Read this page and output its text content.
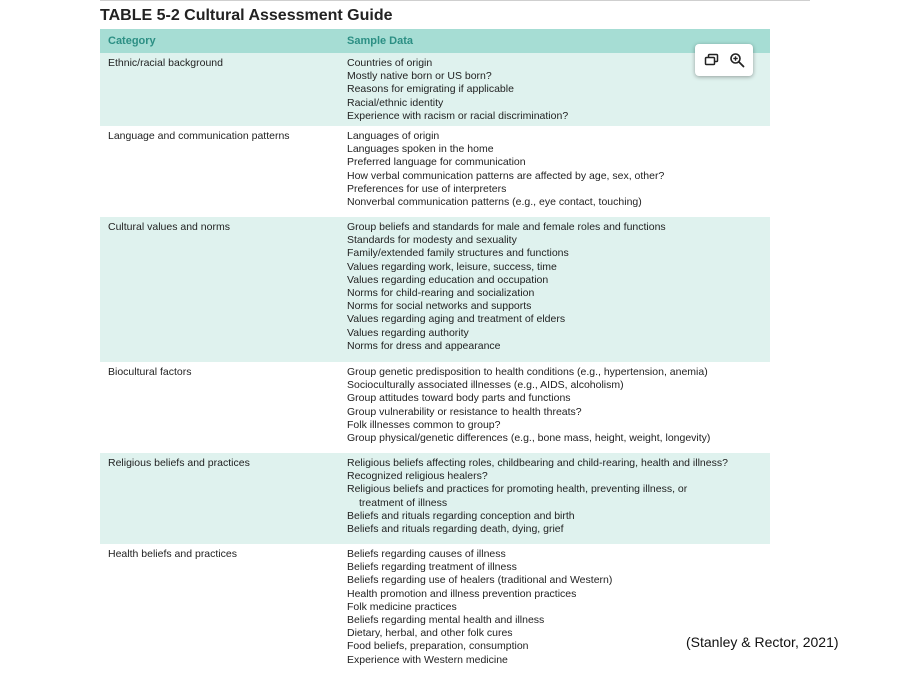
TABLE 5-2 Cultural Assessment Guide
Category	Sample Data
Ethnic/racial background	Countries of origin
Mostly native born or US born?
Reasons for emigrating if applicable
Racial/ethnic identity
Experience with racism or racial discrimination?
Language and communication patterns	Languages of origin
Languages spoken in the home
Preferred language for communication
How verbal communication patterns are affected by age, sex, other?
Preferences for use of interpreters
Nonverbal communication patterns (e.g., eye contact, touching)
Cultural values and norms	Group beliefs and standards for male and female roles and functions
Standards for modesty and sexuality
Family/extended family structures and functions
Values regarding work, leisure, success, time
Values regarding education and occupation
Norms for child-rearing and socialization
Norms for social networks and supports
Values regarding aging and treatment of elders
Values regarding authority
Norms for dress and appearance
Biocultural factors	Group genetic predisposition to health conditions (e.g., hypertension, anemia)
Socioculturally associated illnesses (e.g., AIDS, alcoholism)
Group attitudes toward body parts and functions
Group vulnerability or resistance to health threats?
Folk illnesses common to group?
Group physical/genetic differences (e.g., bone mass, height, weight, longevity)
Religious beliefs and practices	Religious beliefs affecting roles, childbearing and child-rearing, health and illness?
Recognized religious healers?
Religious beliefs and practices for promoting health, preventing illness, or
treatment of illness
Beliefs and rituals regarding conception and birth
Beliefs and rituals regarding death, dying, grief
Health beliefs and practices	Beliefs regarding causes of illness
Beliefs regarding treatment of illness
Beliefs regarding use of healers (traditional and Western)
Health promotion and illness prevention practices
Folk medicine practices
Beliefs regarding mental health and illness
Dietary, herbal, and other folk cures
Food beliefs, preparation, consumption
Experience with Western medicine
(Stanley & Rector, 2021)
